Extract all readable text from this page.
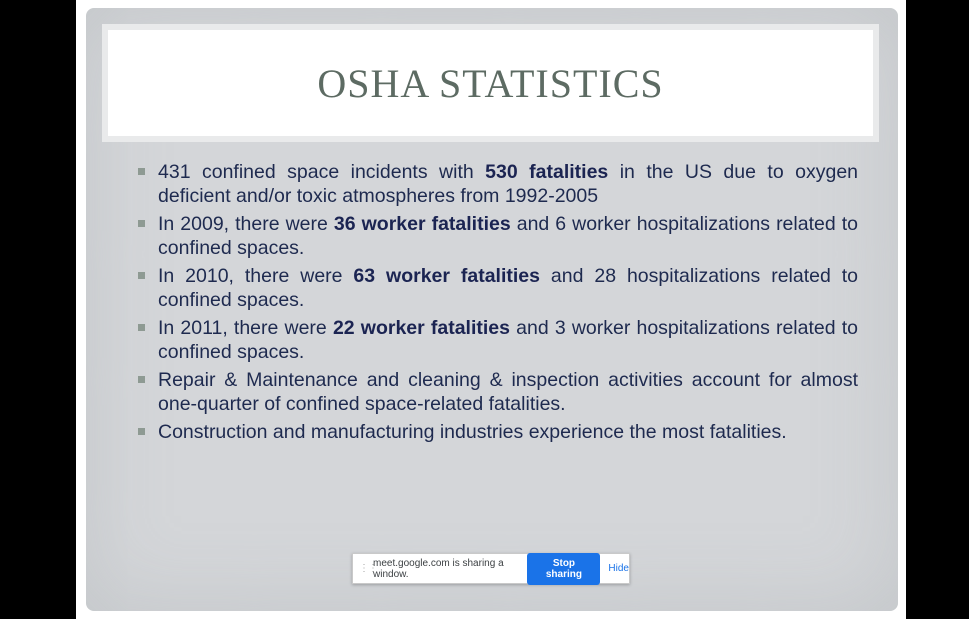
OSHA STATISTICS
431 confined space incidents with 530 fatalities in the US due to oxygen deficient and/or toxic atmospheres from 1992-2005
In 2009, there were 36 worker fatalities and 6 worker hospitalizations related to confined spaces.
In 2010, there were 63 worker fatalities and 28 hospitalizations related to confined spaces.
In 2011, there were 22 worker fatalities and 3 worker hospitalizations related to confined spaces.
Repair & Maintenance and cleaning & inspection activities account for almost one-quarter of confined space-related fatalities.
Construction and manufacturing industries experience the most fatalities.
⋮⋮
meet.google.com is sharing a window.
Stop sharing	Hide
